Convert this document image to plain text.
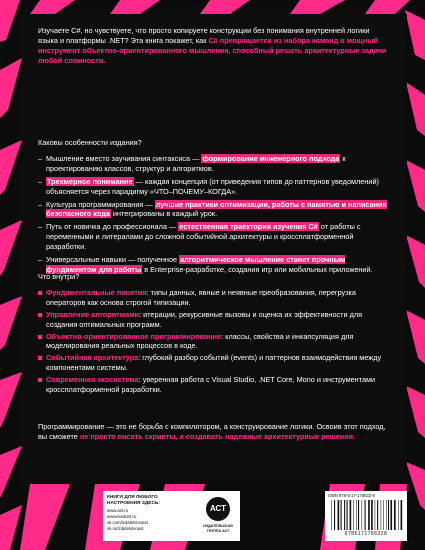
Изучаете C#, но чувствуете, что просто копируете конструкции без понимания внутренней логики языка и платформы .NET? Эта книга покажет, как C# превращается из набора команд в мощный инструмент объектно-ориентированного мышления, способный решать архитектурные задачи любой сложности.
Каковы особенности издания?
– Мышление вместо заучивания синтаксиса — формирование инженерного подхода к проектированию классов, структур и алгоритмов.
– Трехмерное понимание — каждая концепция (от приведения типов до паттернов уведомлений) объясняется через парадигму «ЧТО–ПОЧЕМУ–КОГДА».
– Культура программирования — лучшие практики оптимизации, работы с памятью и написания безопасного кода интегрированы в каждый урок.
– Путь от новичка до профессионала — естественная траектория изучения C# от работы с переменными и литералами до сложной событийной архитектуры и кроссплатформенной разработки.
– Универсальные навыки — полученное алгоритмическое мышление станет прочным фундаментом для работы в Enterprise-разработке, создания игр или мобильных приложений.
Что внутри?
Фундаментальные понятия: типы данных, явные и неявные преобразования, перегрузка операторов как основа строгой типизации.
Управление алгоритмами: итерации, рекурсивные вызовы и оценка их эффективности для создания оптимальных программ.
Объектно-ориентированное программирование: классы, свойства и инкапсуляция для моделирования реальных процессов в коде.
Событийная архитектура: глубокий разбор событий (events) и паттернов взаимодействия между компонентами системы.
Современная экосистема: уверенная работа с Visual Studio, .NET Core, Mono и инструментами кроссплатформенной разработки.
Программирование — это не борьба с компилятором, а конструирование логики. Освоив этот подход, вы сможете не просто писать скрипты, а создавать надежные архитектурные решения.
КНИГИ ДЛЯ ЛЮБОГО НАСТРОЕНИЯ ЗДЕСЬ:
www.ast.ru
www.book24.ru
vk.com/izdatelstvoast
vk.ru/izdatelstvoast
АСТ
ИЗДАТЕЛЬСКАЯ ГРУППА АСТ
ISBN 978-5-17-178632-8
9785171786328
